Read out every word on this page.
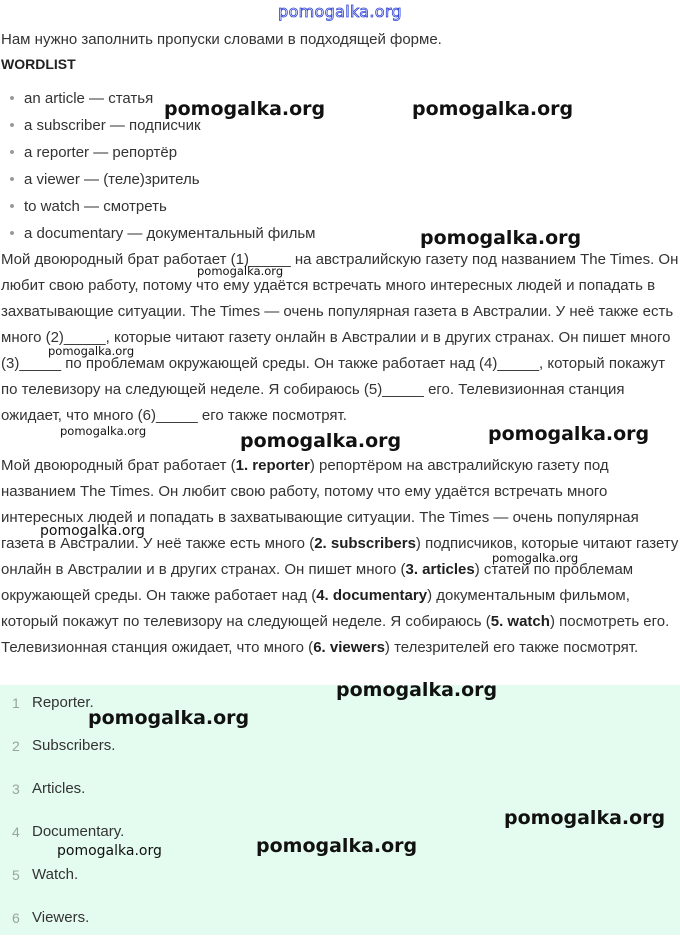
pomogalka.org

Нам нужно заполнить пропуски словами в подходящей форме.

WORDLIST

• an article — статья
• a subscriber — подписчик
• a reporter — репортёр
• a viewer — (теле)зритель
• to watch — смотреть
• a documentary — документальный фильм

Мой двоюродный брат работает (1)_____ на австралийскую газету под названием The Times. Он любит свою работу, потому что ему удаётся встречать много интересных людей и попадать в захватывающие ситуации. The Times — очень популярная газета в Австралии. У неё также есть много (2)_____, которые читают газету онлайн в Австралии и в других странах. Он пишет много (3)_____ по проблемам окружающей среды. Он также работает над (4)_____, который покажут по телевизору на следующей неделе. Я собираюсь (5)_____ его. Телевизионная станция ожидает, что много (6)_____ его также посмотрят.

Мой двоюродный брат работает (1. reporter) репортёром на австралийскую газету под названием The Times. Он любит свою работу, потому что ему удаётся встречать много интересных людей и попадать в захватывающие ситуации. The Times — очень популярная газета в Австралии. У неё также есть много (2. subscribers) подписчиков, которые читают газету онлайн в Австралии и в других странах. Он пишет много (3. articles) статей по проблемам окружающей среды. Он также работает над (4. documentary) документальным фильмом, который покажут по телевизору на следующей неделе. Я собираюсь (5. watch) посмотреть его. Телевизионная станция ожидает, что много (6. viewers) телезрителей его также посмотрят.

1 Reporter.
2 Subscribers.
3 Articles.
4 Documentary.
5 Watch.
6 Viewers.
pomogalka.org	pomogalka.org
pomogalka.org
pomogalka.org
pomogalka.org
pomogalka.org	pomogalka.org	pomogalka.org
pomogalka.org
pomogalka.org
pomogalka.org
pomogalka.org
pomogalka.org
pomogalka.org
pomogalka.org
